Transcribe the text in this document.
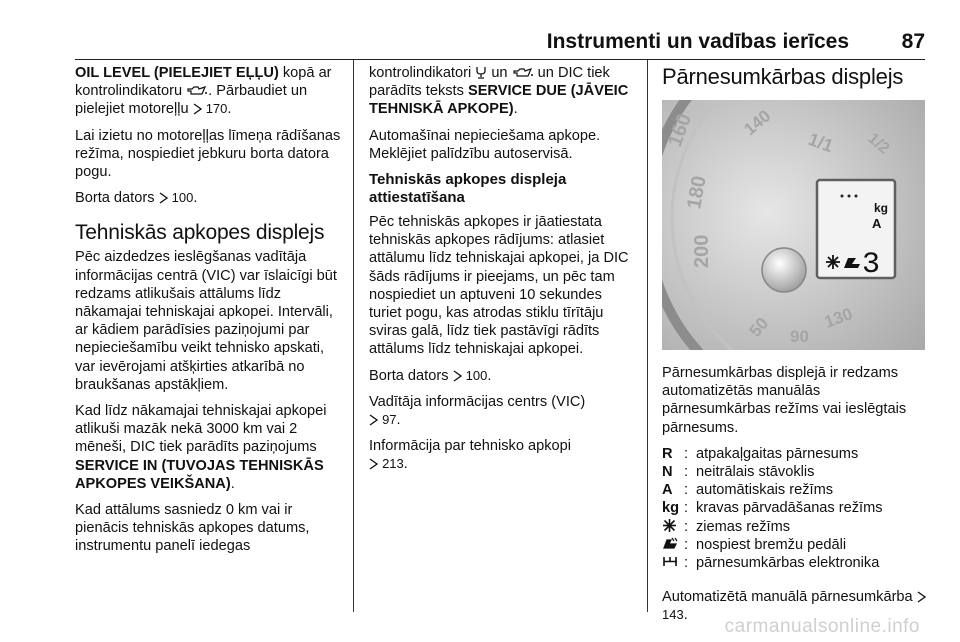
Instrumenti un vadības ierīces	87

OIL LEVEL (PIELEJIET EĻĻU) kopā ar kontrolindikatoru . Pārbaudiet un pielejiet motoreļļu  170.

Lai izietu no motoreļļas līmeņa rādīšanas režīma, nospiediet jebkuru borta datora pogu.

Borta dators  100.

Tehniskās apkopes displejs

Pēc aizdedzes ieslēgšanas vadītāja informācijas centrā (VIC) var īslaicīgi būt redzams atlikušais attālums līdz nākamajai tehniskajai apkopei. Intervāli, ar kādiem parādīsies paziņojumi par nepieciešamību veikt tehnisko apskati, var ievērojami atšķirties atkarībā no braukšanas apstākļiem.

Kad līdz nākamajai tehniskajai apkopei atlikuši mazāk nekā 3000 km vai 2 mēneši, DIC tiek parādīts paziņojums SERVICE IN (TUVOJAS TEHNISKĀS APKOPES VEIKŠANA).

Kad attālums sasniedz 0 km vai ir pienācis tehniskās apkopes datums, instrumentu panelī iedegas

kontrolindikatori  un  un DIC tiek parādīts teksts SERVICE DUE (JĀVEIC TEHNISKĀ APKOPE).

Automašīnai nepieciešama apkope. Meklējiet palīdzību autoservisā.

Tehniskās apkopes displeja attiestatīšana

Pēc tehniskās apkopes ir jāatiestata tehniskās apkopes rādījums: atlasiet attālumu līdz tehniskajai apkopei, ja DIC šāds rādījums ir pieejams, un pēc tam nospiediet un aptuveni 10 sekundes turiet pogu, kas atrodas stiklu tīrītāju sviras galā, līdz tiek pastāvīgi rādīts attālums līdz tehniskajai apkopei.

Borta dators  100.

Vadītāja informācijas centrs (VIC)
97.

Informācija par tehnisko apkopi
213.

Pārnesumkārbas displejs
160
180
200
140
1/1 1/2
50 90
130
kg
A
3

Pārnesumkārbas displejā ir redzams automatizētās manuālās pārnesumkārbas režīms vai ieslēgtais pārnesums.

R : atpakaļgaitas pārnesums
N : neitrālais stāvoklis
A : automātiskais režīms
kg : kravas pārvadāšanas režīms
: ziemas režīms
: nospiest bremžu pedāli
: pārnesumkārbas elektronika

Automatizētā manuālā pārnesumkārba  143.

carmanualsonline.info
